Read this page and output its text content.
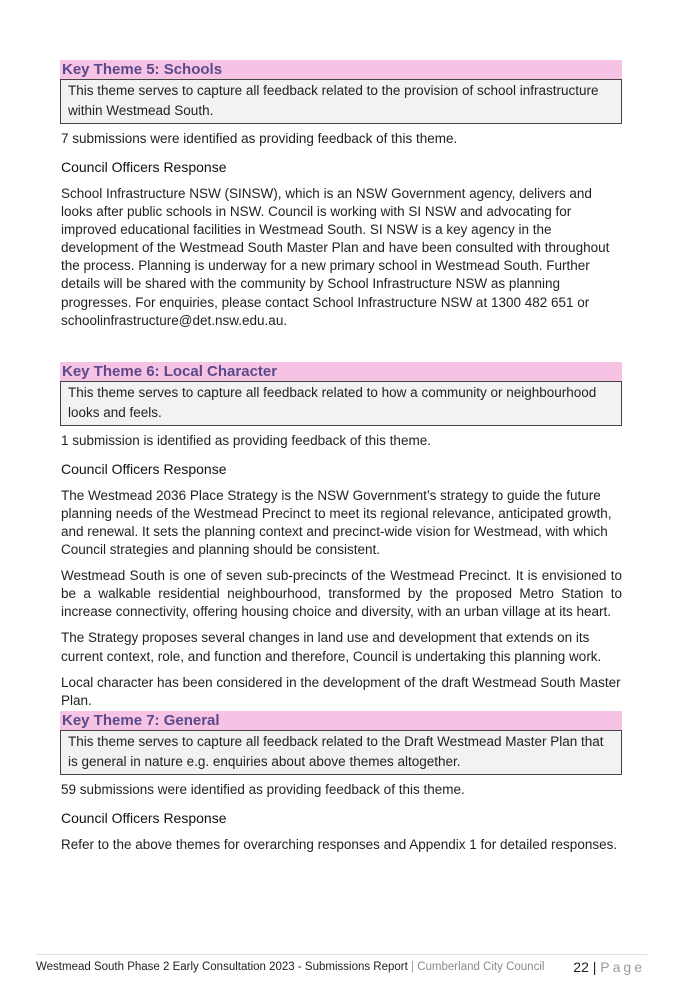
Key Theme 5: Schools
This theme serves to capture all feedback related to the provision of school infrastructure within Westmead South.

7 submissions were identified as providing feedback of this theme.

Council Officers Response

School Infrastructure NSW (SINSW), which is an NSW Government agency, delivers and looks after public schools in NSW. Council is working with SI NSW and advocating for improved educational facilities in Westmead South. SI NSW is a key agency in the development of the Westmead South Master Plan and have been consulted with throughout the process. Planning is underway for a new primary school in Westmead South. Further details will be shared with the community by School Infrastructure NSW as planning progresses. For enquiries, please contact School Infrastructure NSW at 1300 482 651 or schoolinfrastructure@det.nsw.edu.au.

Key Theme 6: Local Character
This theme serves to capture all feedback related to how a community or neighbourhood looks and feels.

1 submission is identified as providing feedback of this theme.

Council Officers Response

The Westmead 2036 Place Strategy is the NSW Government’s strategy to guide the future planning needs of the Westmead Precinct to meet its regional relevance, anticipated growth, and renewal. It sets the planning context and precinct-wide vision for Westmead, with which Council strategies and planning should be consistent.

Westmead South is one of seven sub-precincts of the Westmead Precinct. It is envisioned to be a walkable residential neighbourhood, transformed by the proposed Metro Station to increase connectivity, offering housing choice and diversity, with an urban village at its heart.

The Strategy proposes several changes in land use and development that extends on its current context, role, and function and therefore, Council is undertaking this planning work.

Local character has been considered in the development of the draft Westmead South Master Plan.

Key Theme 7: General
This theme serves to capture all feedback related to the Draft Westmead Master Plan that is general in nature e.g. enquiries about above themes altogether.

59 submissions were identified as providing feedback of this theme.

Council Officers Response

Refer to the above themes for overarching responses and Appendix 1 for detailed responses.

Westmead South Phase 2 Early Consultation 2023 - Submissions Report | Cumberland City Council 22 | Page
